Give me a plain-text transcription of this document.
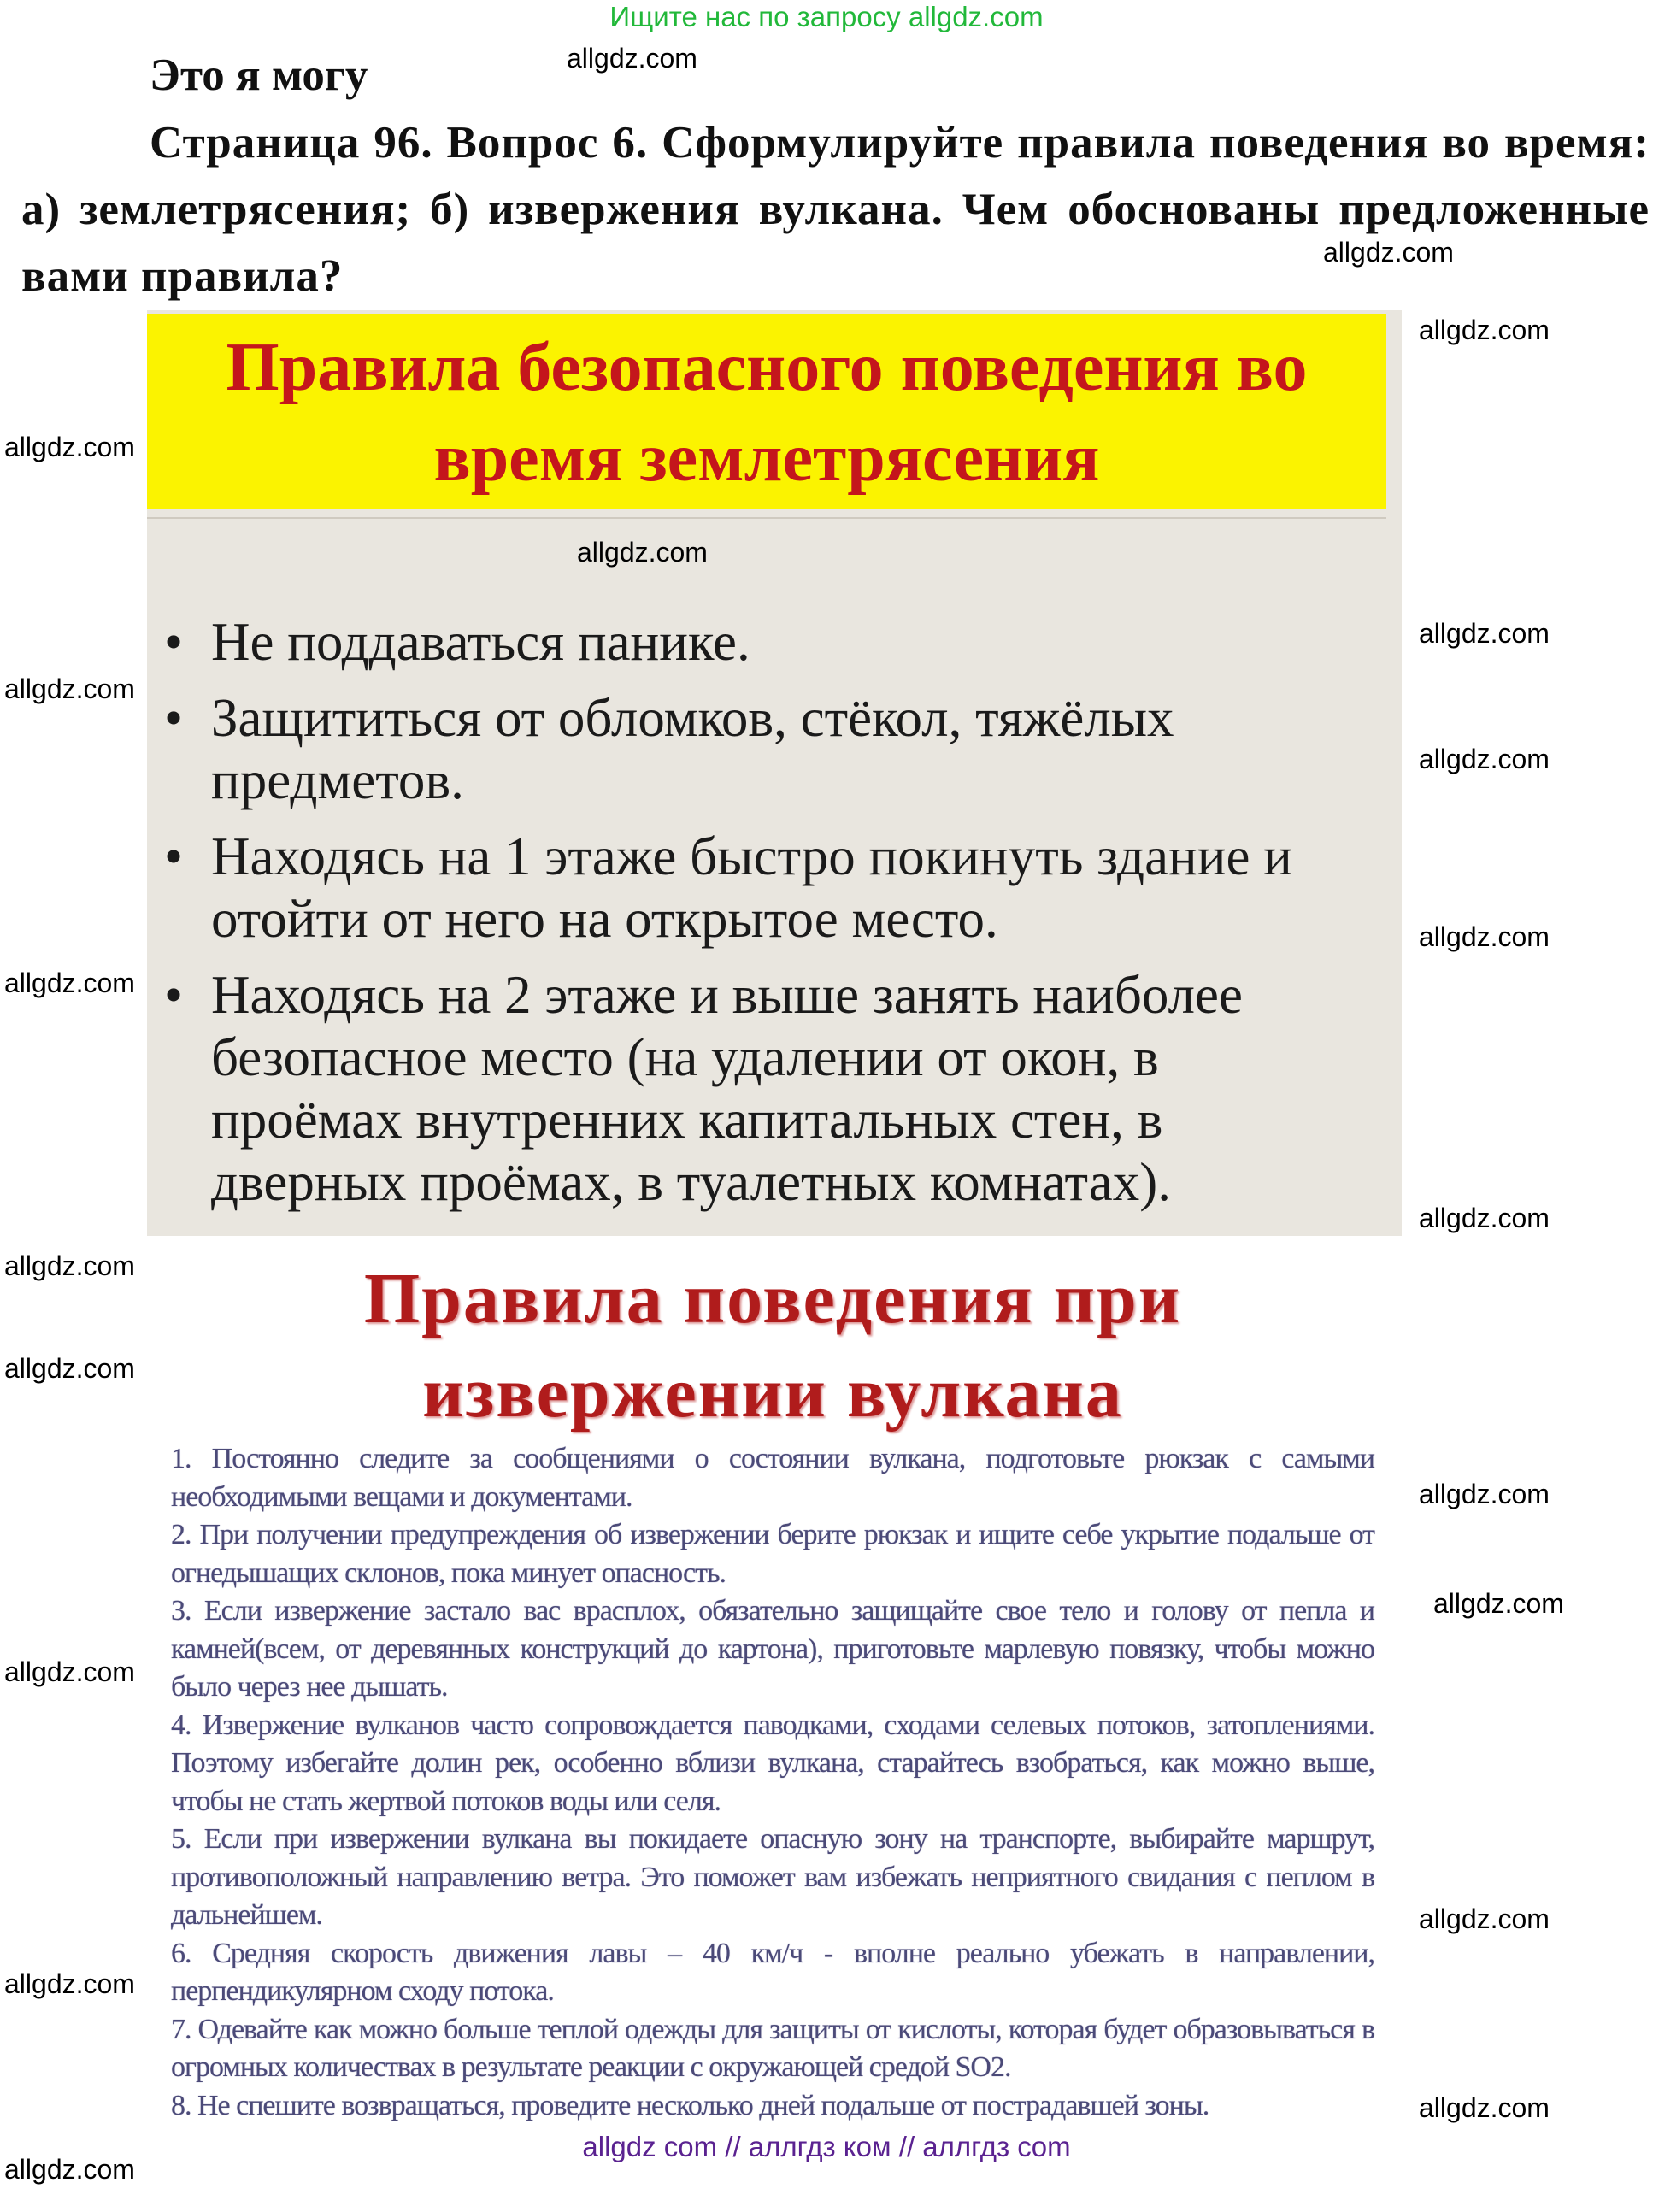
Ищите нас по запросу allgdz.com
Это я могу
Страница 96. Вопрос 6. Сформулируйте правила поведения во время: а) землетрясения; б) извержения вулкана. Чем обоснованы предложенные вами правила?
Правила безопасного поведения во
время землетрясения
• Не поддаваться панике.
• Защититься от обломков, стёкол, тяжёлых предметов.
• Находясь на 1 этаже быстро покинуть здание и отойти от него на открытое место.
• Находясь на 2 этаже и выше занять наиболее безопасное место (на удалении от окон, в проёмах внутренних капитальных стен, в дверных проёмах, в туалетных комнатах).
Правила поведения при
извержении вулкана

1. Постоянно следите за сообщениями о состоянии вулкана, подготовьте рюкзак с самыми необходимыми вещами и документами.

2. При получении предупреждения об извержении берите рюкзак и ищите себе укрытие подальше от огнедышащих склонов, пока минует опасность.

3. Если извержение застало вас врасплох, обязательно защищайте свое тело и голову от пепла и камней(всем, от деревянных конструкций до картона), приготовьте марлевую повязку, чтобы можно было через нее дышать.

4. Извержение вулканов часто сопровождается паводками, сходами селевых потоков, затоплениями. Поэтому избегайте долин рек, особенно вблизи вулкана, старайтесь взобраться, как можно выше, чтобы не стать жертвой потоков воды или селя.

5. Если при извержении вулкана вы покидаете опасную зону на транспорте, выбирайте маршрут, противоположный направлению ветра. Это поможет вам избежать неприятного свидания с пеплом в дальнейшем.

6. Средняя скорость движения лавы – 40 км/ч - вполне реально убежать в направлении, перпендикулярном сходу потока.

7. Одевайте как можно больше теплой одежды для защиты от кислоты, которая будет образовываться в огромных количествах в результате реакции с окружающей средой SO2.

8. Не спешите возвращаться, проведите несколько дней подальше от пострадавшей зоны.

allgdz com // аллгдз ком // аллгдз com
allgdz.com
allgdz.com
allgdz.com
allgdz.com
allgdz.com
allgdz.com
allgdz.com
allgdz.com
allgdz.com
allgdz.com
allgdz.com
allgdz.com
allgdz.com
allgdz.com
allgdz.com
allgdz.com
allgdz.com
allgdz.com
allgdz.com
allgdz.com
